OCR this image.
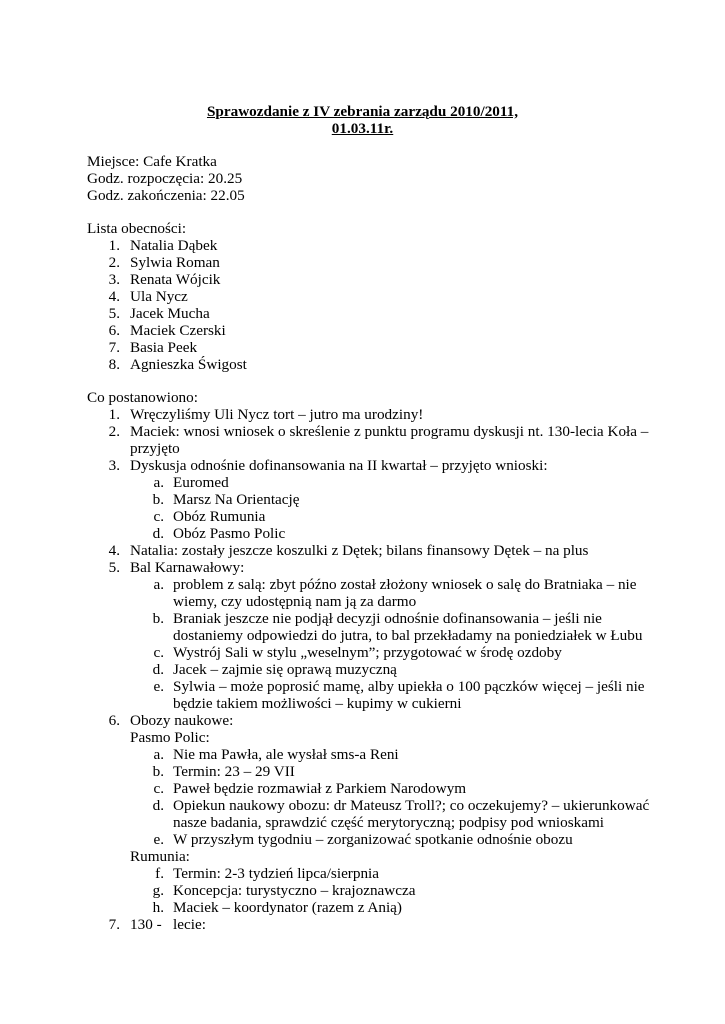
Sprawozdanie z IV zebrania zarządu 2010/2011,
01.03.11r.
Miejsce: Cafe Kratka
Godz. rozpoczęcia: 20.25
Godz. zakończenia: 22.05
Lista obecności:
1. Natalia Dąbek
2. Sylwia Roman
3. Renata Wójcik
4. Ula Nycz
5. Jacek Mucha
6. Maciek Czerski
7. Basia Peek
8. Agnieszka Świgost
Co postanowiono:
1. Wręczyliśmy Uli Nycz tort – jutro ma urodziny!
2. Maciek: wnosi wniosek o skreślenie z punktu programu dyskusji nt. 130-lecia Koła –
przyjęto
3. Dyskusja odnośnie dofinansowania na II kwartał – przyjęto wnioski:
a. Euromed
b. Marsz Na Orientację
c. Obóz Rumunia
d. Obóz Pasmo Polic
4. Natalia: zostały jeszcze koszulki z Dętek; bilans finansowy Dętek – na plus
5. Bal Karnawałowy:
a. problem z salą: zbyt późno został złożony wniosek o salę do Bratniaka – nie
wiemy, czy udostępnią nam ją za darmo
b. Braniak jeszcze nie podjął decyzji odnośnie dofinansowania – jeśli nie
dostaniemy odpowiedzi do jutra, to bal przekładamy na poniedziałek w Łubu
c. Wystrój Sali w stylu „weselnym”; przygotować w środę ozdoby
d. Jacek – zajmie się oprawą muzyczną
e. Sylwia – może poprosić mamę, alby upiekła o 100 pączków więcej – jeśli nie
będzie takiem możliwości – kupimy w cukierni
6. Obozy naukowe:
Pasmo Polic:
a. Nie ma Pawła, ale wysłał sms-a Reni
b. Termin: 23 – 29 VII
c. Paweł będzie rozmawiał z Parkiem Narodowym
d. Opiekun naukowy obozu: dr Mateusz Troll?; co oczekujemy? – ukierunkować
nasze badania, sprawdzić część merytoryczną; podpisy pod wnioskami
e. W przyszłym tygodniu – zorganizować spotkanie odnośnie obozu
Rumunia:
f. Termin: 2-3 tydzień lipca/sierpnia
g. Koncepcja: turystyczno – krajoznawcza
h. Maciek – koordynator (razem z Anią)
7. 130 -   lecie:
